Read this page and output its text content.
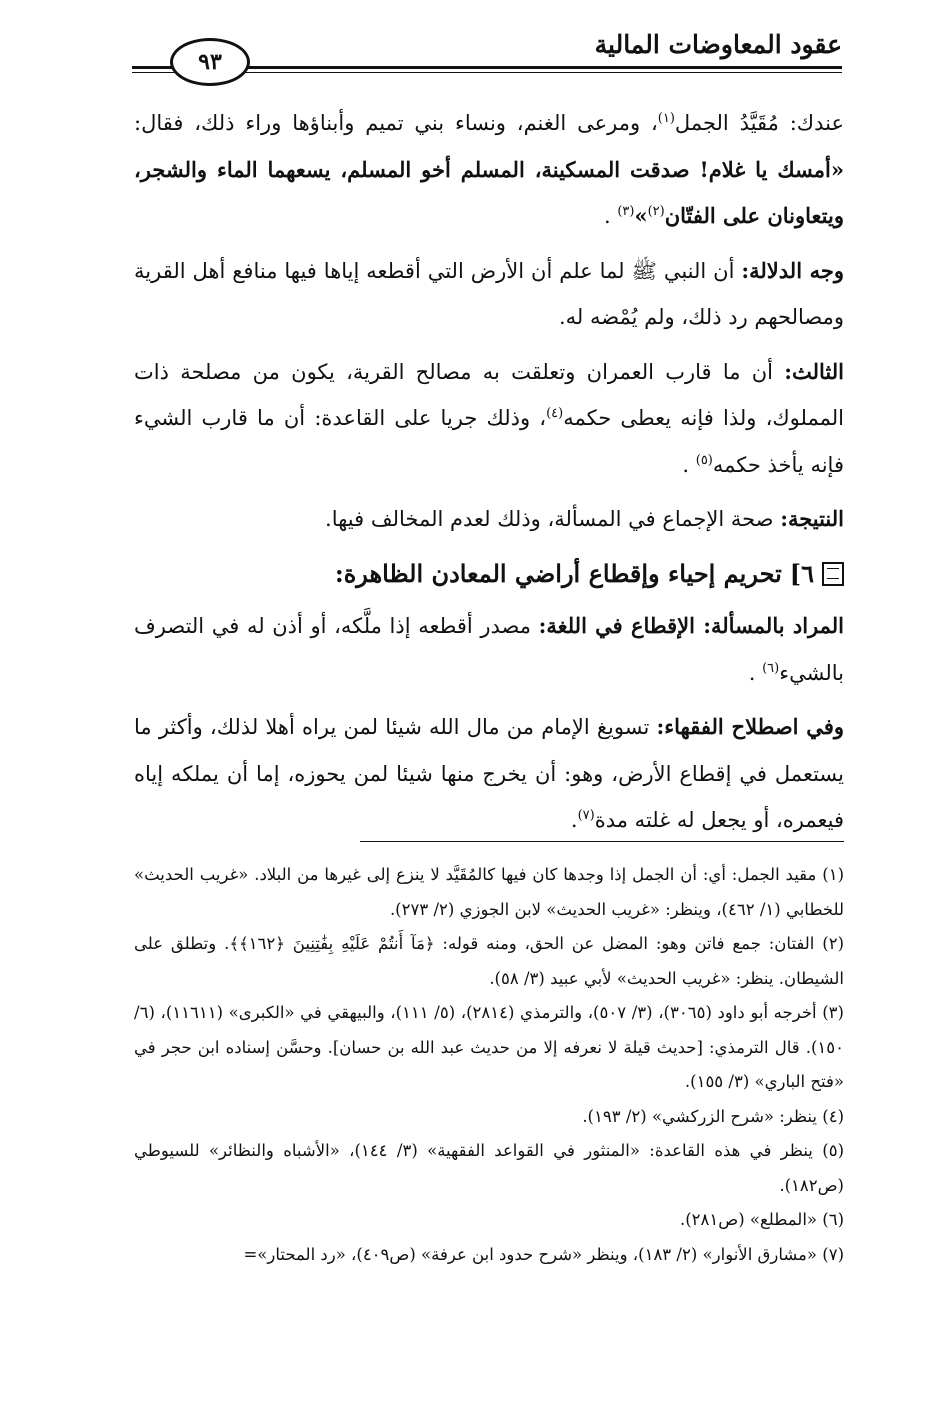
عقود المعاوضات المالية
٩٣

عندك: مُقَيَّدُ الجمل$^{(١)}$، ومرعى الغنم، ونساء بني تميم وأبناؤها وراء ذلك، فقال: «أمسك يا غلام! صدقت المسكينة، المسلم أخو المسلم، يسعهما الماء والشجر، ويتعاونان على الفتّان$^{(٢)}$»$^{(٣)}$ .

وجه الدلالة: أن النبي ﷺ لما علم أن الأرض التي أقطعه إياها فيها منافع أهل القرية ومصالحهم رد ذلك، ولم يُمْضه له.

الثالث: أن ما قارب العمران وتعلقت به مصالح القرية، يكون من مصلحة ذات المملوك، ولذا فإنه يعطى حكمه$^{(٤)}$، وذلك جريا على القاعدة: أن ما قارب الشيء فإنه يأخذ حكمه$^{(٥)}$ .

النتيجة: صحة الإجماع في المسألة، وذلك لعدم المخالف فيها.

٦]
تحريم إحياء وإقطاع أراضي المعادن الظاهرة:

المراد بالمسألة: الإقطاع في اللغة: مصدر أقطعه إذا ملَّكه، أو أذن له في التصرف بالشيء$^{(٦)}$ .

وفي اصطلاح الفقهاء: تسويغ الإمام من مال الله شيئا لمن يراه أهلا لذلك، وأكثر ما يستعمل في إقطاع الأرض، وهو: أن يخرج منها شيئا لمن يحوزه، إما أن يملكه إياه فيعمره، أو يجعل له غلته مدة$^{(٧)}$.

(١) مقيد الجمل: أي: أن الجمل إذا وجدها كان فيها كالمُقَيَّد لا ينزع إلى غيرها من البلاد. «غريب الحديث» للخطابي (١/ ٤٦٢)، وينظر: «غريب الحديث» لابن الجوزي (٢/ ٢٧٣).

(٢) الفتان: جمع فاتن وهو: المضل عن الحق، ومنه قوله: ﴿مَآ أَنتُمْ عَلَيْهِ بِفَٰتِنِينَ ﴿١٦٢﴾﴾. وتطلق على الشيطان. ينظر: «غريب الحديث» لأبي عبيد (٣/ ٥٨).

(٣) أخرجه أبو داود (٣٠٦٥)، (٣/ ٥٠٧)، والترمذي (٢٨١٤)، (٥/ ١١١)، والبيهقي في «الكبرى» (١١٦١١)، (٦/ ١٥٠). قال الترمذي: [حديث قيلة لا نعرفه إلا من حديث عبد الله بن حسان]. وحسَّن إسناده ابن حجر في «فتح الباري» (٣/ ١٥٥).

(٤) ينظر: «شرح الزركشي» (٢/ ١٩٣).

(٥) ينظر في هذه القاعدة: «المنثور في القواعد الفقهية» (٣/ ١٤٤)، «الأشباه والنظائر» للسيوطي (ص١٨٢).

(٦) «المطلع» (ص٢٨١).

(٧) «مشارق الأنوار» (٢/ ١٨٣)، وينظر «شرح حدود ابن عرفة» (ص٤٠٩)، «رد المحتار»=
